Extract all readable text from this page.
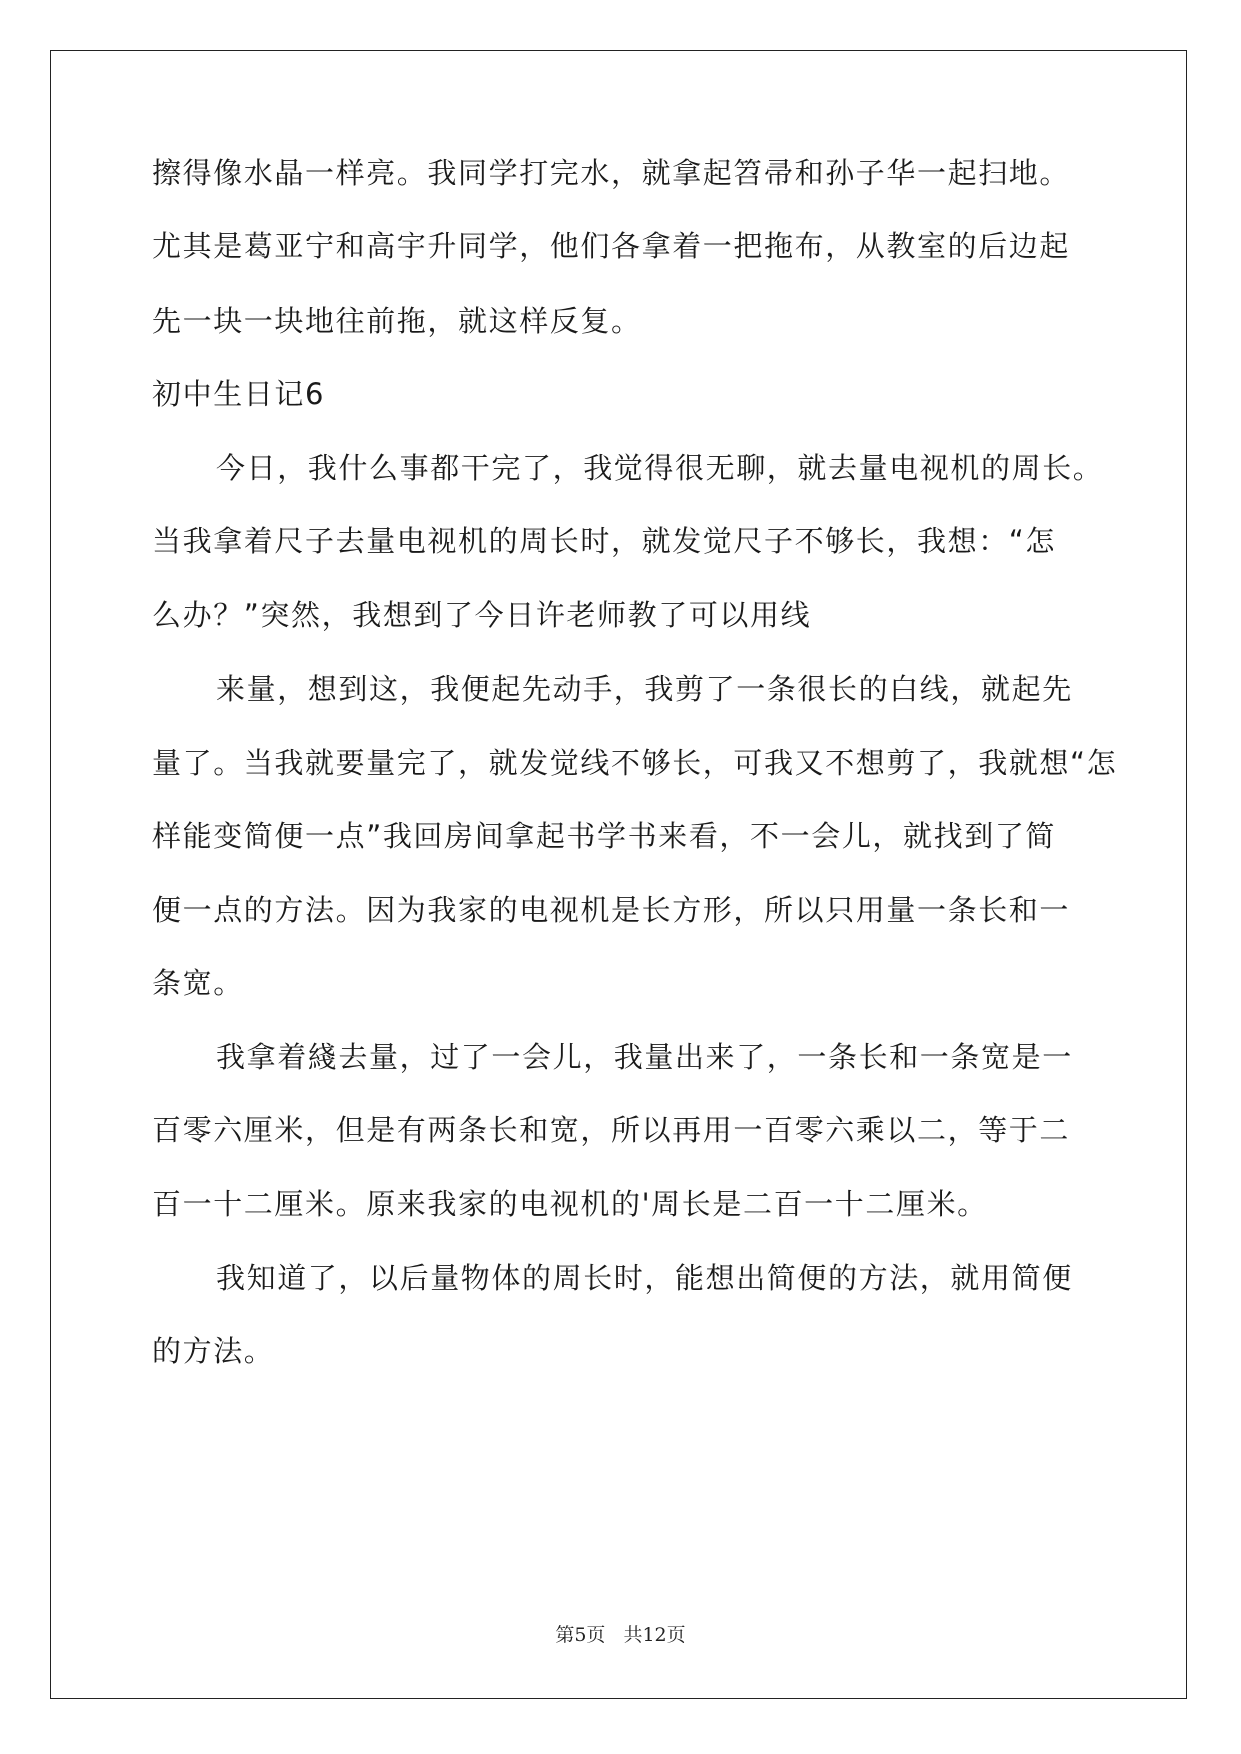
擦得像水晶一样亮。我同学打完水，就拿起笤帚和孙子华一起扫地。
尤其是葛亚宁和高宇升同学，他们各拿着一把拖布，从教室的后边起
先一块一块地往前拖，就这样反复。
初中生日记6
今日，我什么事都干完了，我觉得很无聊，就去量电视机的周长。
当我拿着尺子去量电视机的周长时，就发觉尺子不够长，我想：“怎
么办？”突然，我想到了今日许老师教了可以用线
来量，想到这，我便起先动手，我剪了一条很长的白线，就起先
量了。当我就要量完了，就发觉线不够长，可我又不想剪了，我就想“怎
样能变简便一点”我回房间拿起书学书来看，不一会儿，就找到了简
便一点的方法。因为我家的电视机是长方形，所以只用量一条长和一
条宽。
我拿着綫去量，过了一会儿，我量出来了，一条长和一条宽是一
百零六厘米，但是有两条长和宽，所以再用一百零六乘以二，等于二
百一十二厘米。原来我家的电视机的'周长是二百一十二厘米。
我知道了，以后量物体的周长时，能想出简便的方法，就用简便
的方法。
第5页 共12页
